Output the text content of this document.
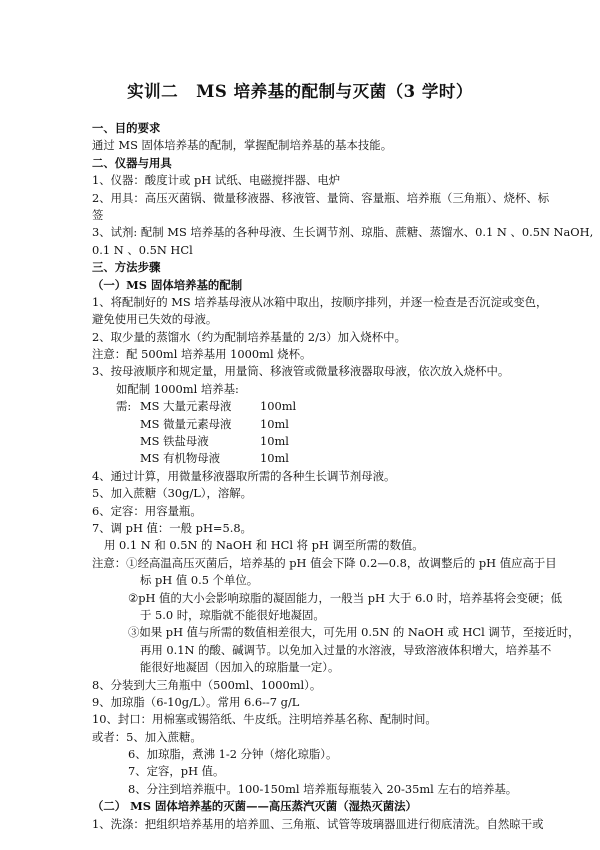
实训二 MS 培养基的配制与灭菌（3 学时）
一、目的要求
通过 MS 固体培养基的配制，掌握配制培养基的基本技能。
二、仪器与用具
1、仪器：酸度计或 pH 试纸、电磁搅拌器、电炉
2、用具：高压灭菌锅、微量移液器、移液管、量筒、容量瓶、培养瓶（三角瓶）、烧杯、标
签
3、试剂: 配制 MS 培养基的各种母液、生长调节剂、琼脂、蔗糖、蒸馏水、0.1 N 、0.5N NaOH,
0.1 N 、0.5N HCl
三、方法步骤
（一）MS 固体培养基的配制
1、将配制好的 MS 培养基母液从冰箱中取出，按顺序排列，并逐一检查是否沉淀或变色，
避免使用已失效的母液。
2、取少量的蒸馏水（约为配制培养基量的 2/3）加入烧杯中。
注意：配 500ml 培养基用 1000ml 烧杯。
3、按母液顺序和规定量，用量筒、移液管或微量移液器取母液，依次放入烧杯中。
如配制 1000ml 培养基:
需: MS 大量元素母液	100ml
MS 微量元素母液	10ml
MS 铁盐母液	10ml
MS 有机物母液	10ml
4、通过计算，用微量移液器取所需的各种生长调节剂母液。
5、加入蔗糖（30g/L），溶解。
6、定容：用容量瓶。
7、调 pH 值：一般 pH=5.8。
用 0.1 N 和 0.5N 的 NaOH 和 HCl 将 pH 调至所需的数值。
注意：①经高温高压灭菌后，培养基的 pH 值会下降 0.2—0.8，故调整后的 pH 值应高于目
标 pH 值 0.5 个单位。
②pH 值的大小会影响琼脂的凝固能力，一般当 pH 大于 6.0 时，培养基将会变硬；低
于 5.0 时，琼脂就不能很好地凝固。
③如果 pH 值与所需的数值相差很大，可先用 0.5N 的 NaOH 或 HCl 调节，至接近时，
再用 0.1N 的酸、碱调节。以免加入过量的水溶液，导致溶液体积增大，培养基不
能很好地凝固（因加入的琼脂量一定）。
8、分装到大三角瓶中（500ml、1000ml）。
9、加琼脂（6-10g/L）。常用 6.6--7 g/L
10、封口：用棉塞或锡箔纸、牛皮纸。注明培养基名称、配制时间。
或者：5、加入蔗糖。
6、加琼脂，煮沸 1-2 分钟（熔化琼脂）。
7、定容，pH 值。
8、分注到培养瓶中。100-150ml 培养瓶每瓶装入 20-35ml 左右的培养基。
（二） MS 固体培养基的灭菌——高压蒸汽灭菌（湿热灭菌法）
1、洗涤：把组织培养基用的培养皿、三角瓶、试管等玻璃器皿进行彻底清洗。自然晾干或
